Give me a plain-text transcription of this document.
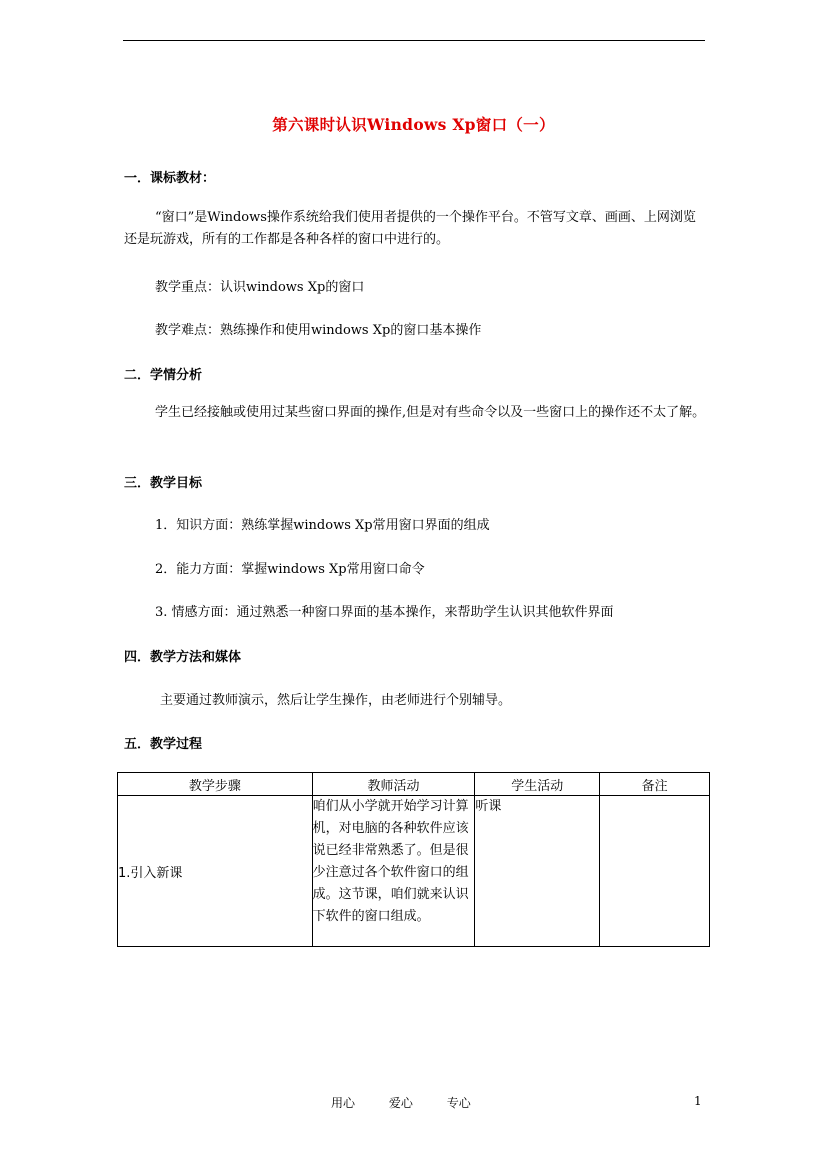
第六课时认识Windows Xp窗口（一）
一．课标教材：
“窗口”是Windows操作系统给我们使用者提供的一个操作平台。不管写文章、画画、上网浏览还是玩游戏，所有的工作都是各种各样的窗口中进行的。
教学重点：认识windows Xp的窗口
教学难点：熟练操作和使用windows Xp的窗口基本操作
二．学情分析
学生已经接触或使用过某些窗口界面的操作,但是对有些命令以及一些窗口上的操作还不太了解。
三．教学目标
1．知识方面：熟练掌握windows Xp常用窗口界面的组成
2．能力方面：掌握windows Xp常用窗口命令
3. 情感方面：通过熟悉一种窗口界面的基本操作，来帮助学生认识其他软件界面
四．教学方法和媒体
主要通过教师演示，然后让学生操作，由老师进行个别辅导。
五．教学过程
教学步骤	教师活动	学生活动	备注
1.引入新课	咱们从小学就开始学习计算机，对电脑的各种软件应该说已经非常熟悉了。但是很少注意过各个软件窗口的组成。这节课，咱们就来认识下软件的窗口组成。	听课	
用心	爱心	专心	1
